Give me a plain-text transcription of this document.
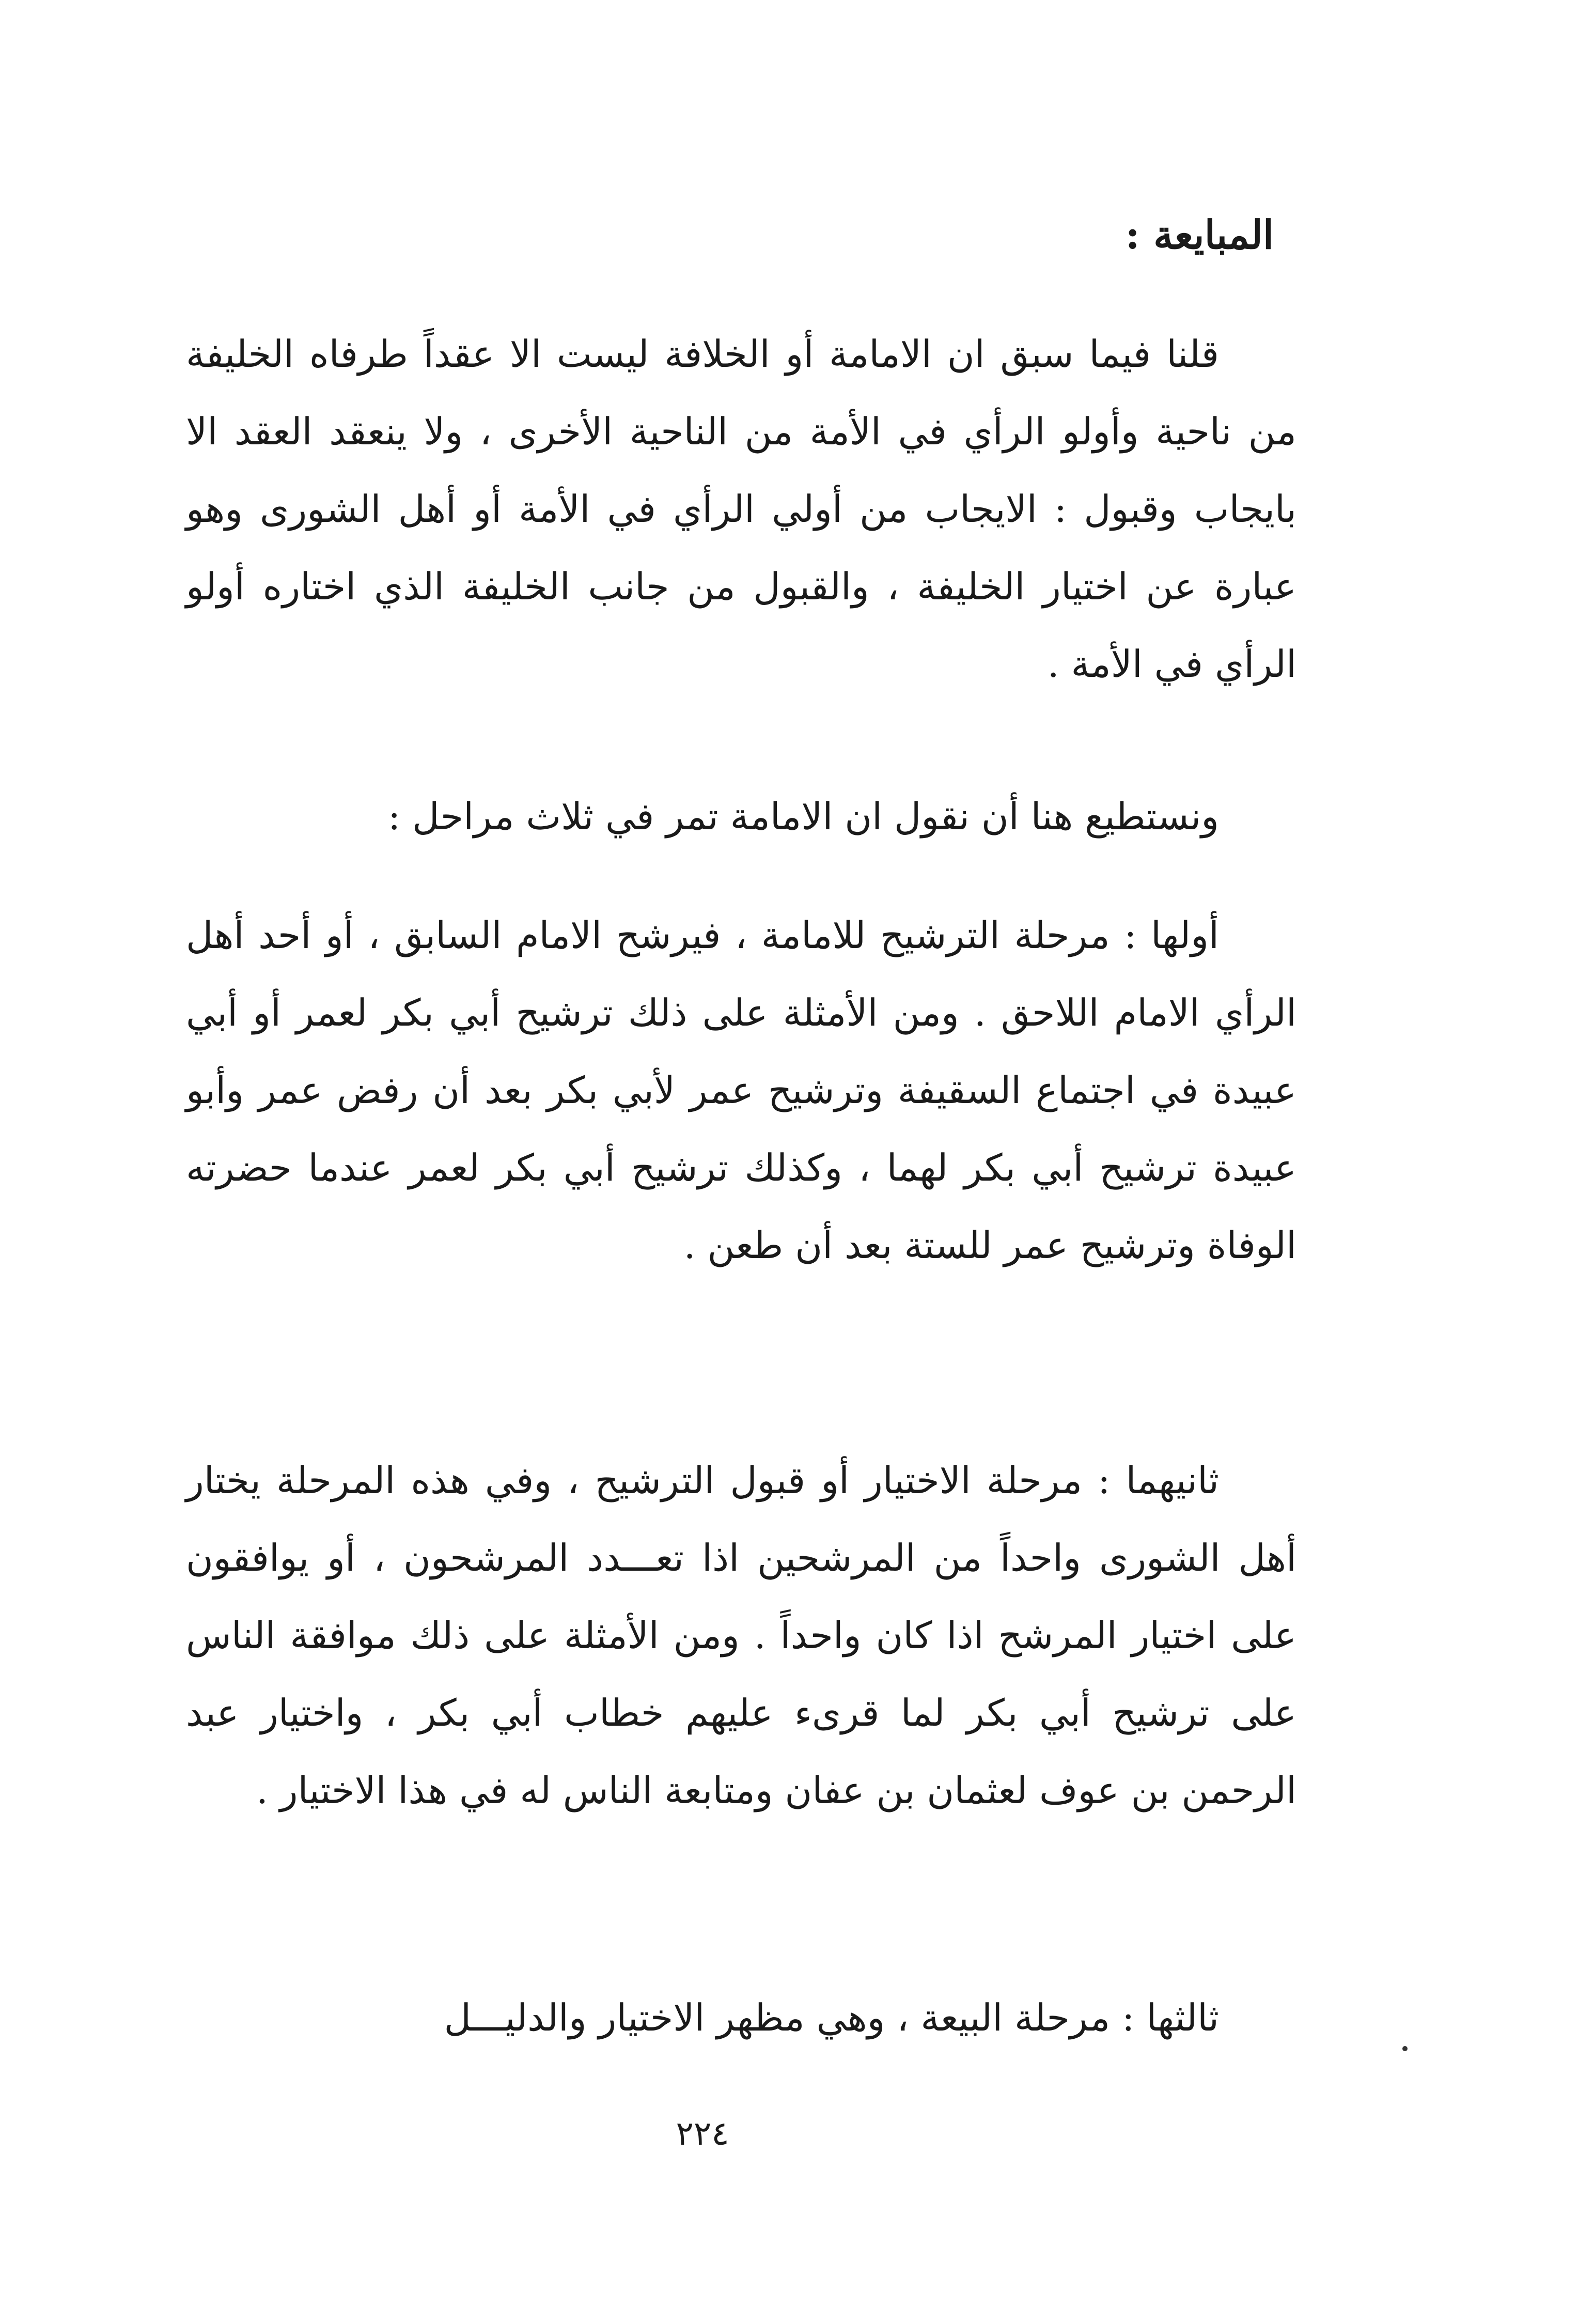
المبايعة :

قلنا فيما سبق ان الامامة أو الخلافة ليست الا عقداً طرفاه الخليفة من ناحية وأولو الرأي في الأمة من الناحية الأخرى ، ولا ينعقد العقد الا بايجاب وقبول : الايجاب من أولي الرأي في الأمة أو أهل الشورى وهو عبارة عن اختيار الخليفة ، والقبول من جانب الخليفة الذي اختاره أولو الرأي في الأمة .

ونستطيع هنا أن نقول ان الامامة تمر في ثلاث مراحل :

أولها : مرحلة الترشيح للامامة ، فيرشح الامام السابق ، أو أحد أهل الرأي الامام اللاحق . ومن الأمثلة على ذلك ترشيح أبي بكر لعمر أو أبي عبيدة في اجتماع السقيفة وترشيح عمر لأبي بكر بعد أن رفض عمر وأبو عبيدة ترشيح أبي بكر لهما ، وكذلك ترشيح أبي بكر لعمر عندما حضرته الوفاة وترشيح عمر للستة بعد أن طعن .

ثانيهما : مرحلة الاختيار أو قبول الترشيح ، وفي هذه المرحلة يختار أهل الشورى واحداً من المرشحين اذا تعـــدد المرشحون ، أو يوافقون على اختيار المرشح اذا كان واحداً . ومن الأمثلة على ذلك موافقة الناس على ترشيح أبي بكر لما قرىء عليهم خطاب أبي بكر ، واختيار عبد الرحمن بن عوف لعثمان بن عفان ومتابعة الناس له في هذا الاختيار .

ثالثها : مرحلة البيعة ، وهي مظهر الاختيار والدليـــل

٢٢٤
